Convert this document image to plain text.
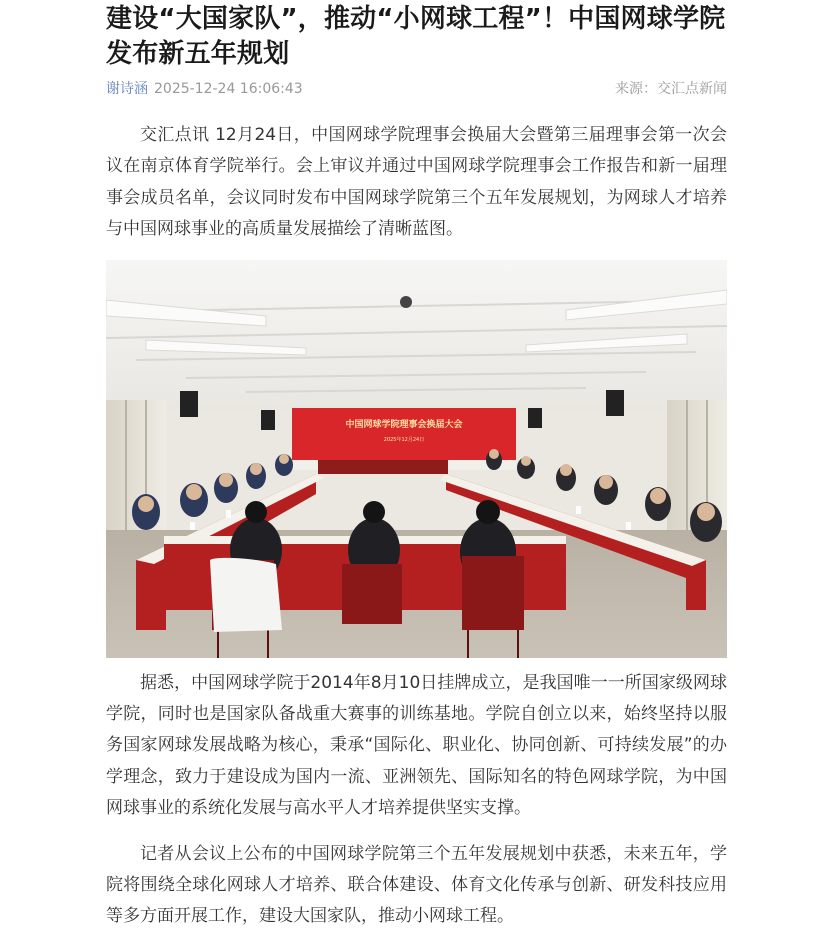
建设“大国家队”，推动“小网球工程”！中国网球学院发布新五年规划
谢诗涵 2025-12-24 16:06:43	来源：交汇点新闻

交汇点讯 12月24日，中国网球学院理事会换届大会暨第三届理事会第一次会议在南京体育学院举行。会上审议并通过中国网球学院理事会工作报告和新一届理事会成员名单，会议同时发布中国网球学院第三个五年发展规划，为网球人才培养与中国网球事业的高质量发展描绘了清晰蓝图。

中国网球学院理事会换届大会
2025年12月24日

据悉，中国网球学院于2014年8月10日挂牌成立，是我国唯一一所国家级网球学院，同时也是国家队备战重大赛事的训练基地。学院自创立以来，始终坚持以服务国家网球发展战略为核心，秉承“国际化、职业化、协同创新、可持续发展”的办学理念，致力于建设成为国内一流、亚洲领先、国际知名的特色网球学院，为中国网球事业的系统化发展与高水平人才培养提供坚实支撑。

记者从会议上公布的中国网球学院第三个五年发展规划中获悉，未来五年，学院将围绕全球化网球人才培养、联合体建设、体育文化传承与创新、研发科技应用等多方面开展工作，建设大国家队，推动小网球工程。
